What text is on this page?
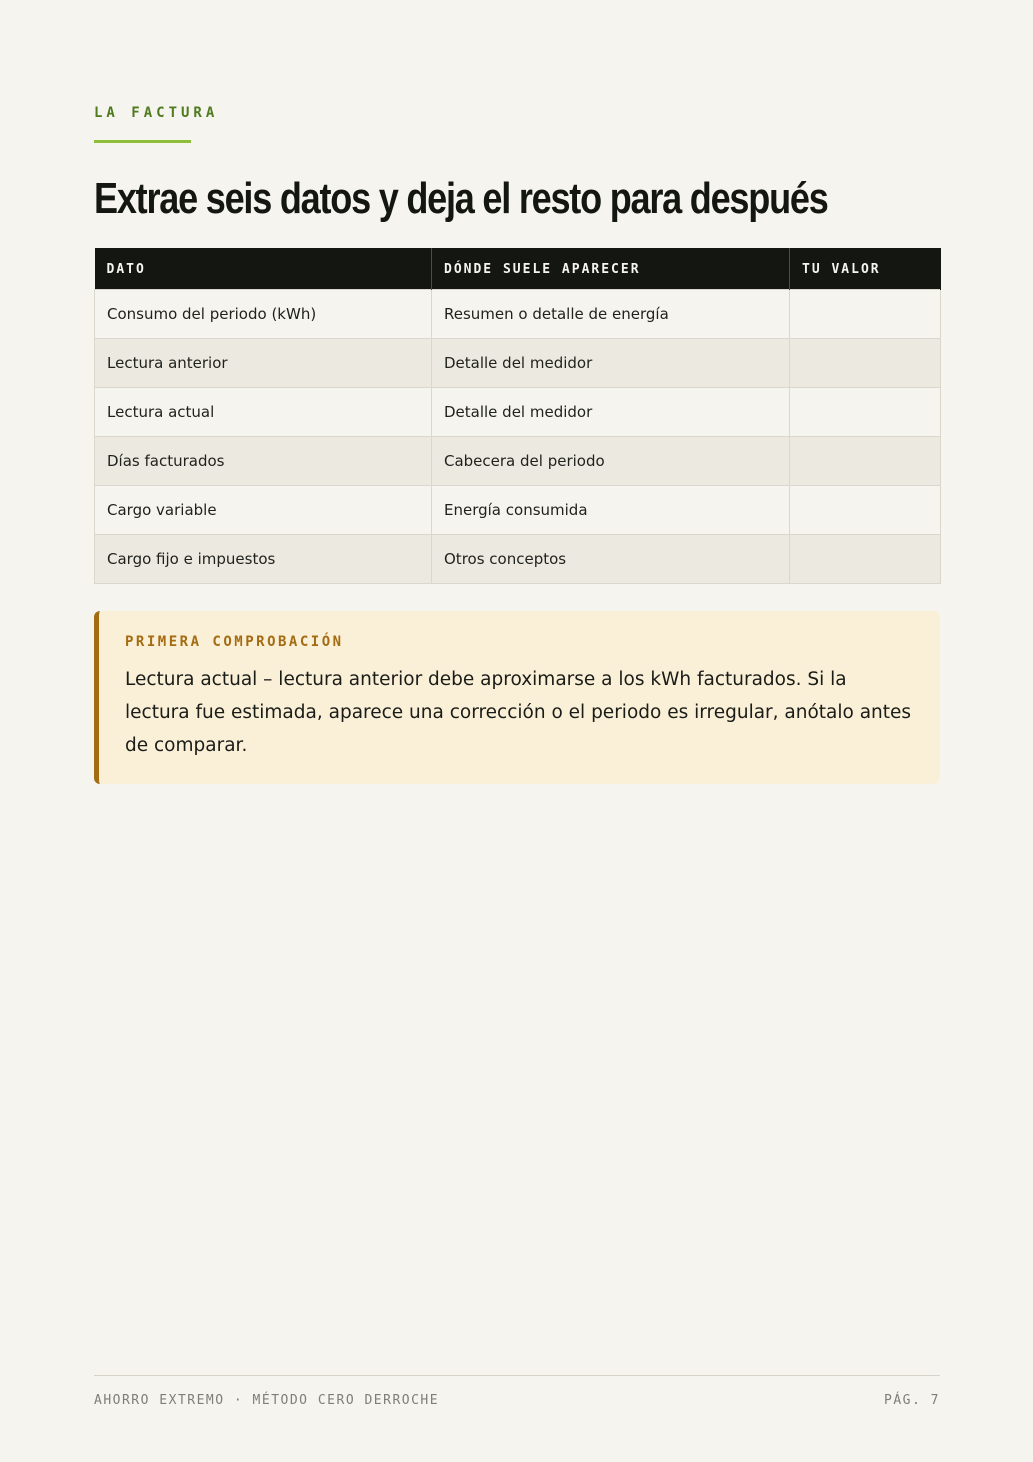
LA FACTURA
Extrae seis datos y deja el resto para después
DATO	DÓNDE SUELE APARECER	TU VALOR
Consumo del periodo (kWh)	Resumen o detalle de energía	
Lectura anterior	Detalle del medidor	
Lectura actual	Detalle del medidor	
Días facturados	Cabecera del periodo	
Cargo variable	Energía consumida	
Cargo fijo e impuestos	Otros conceptos	
PRIMERA COMPROBACIÓN
Lectura actual – lectura anterior debe aproximarse a los kWh facturados. Si la lectura fue estimada, aparece una corrección o el periodo es irregular, anótalo antes de comparar.
AHORRO EXTREMO · MÉTODO CERO DERROCHE	PÁG. 7
